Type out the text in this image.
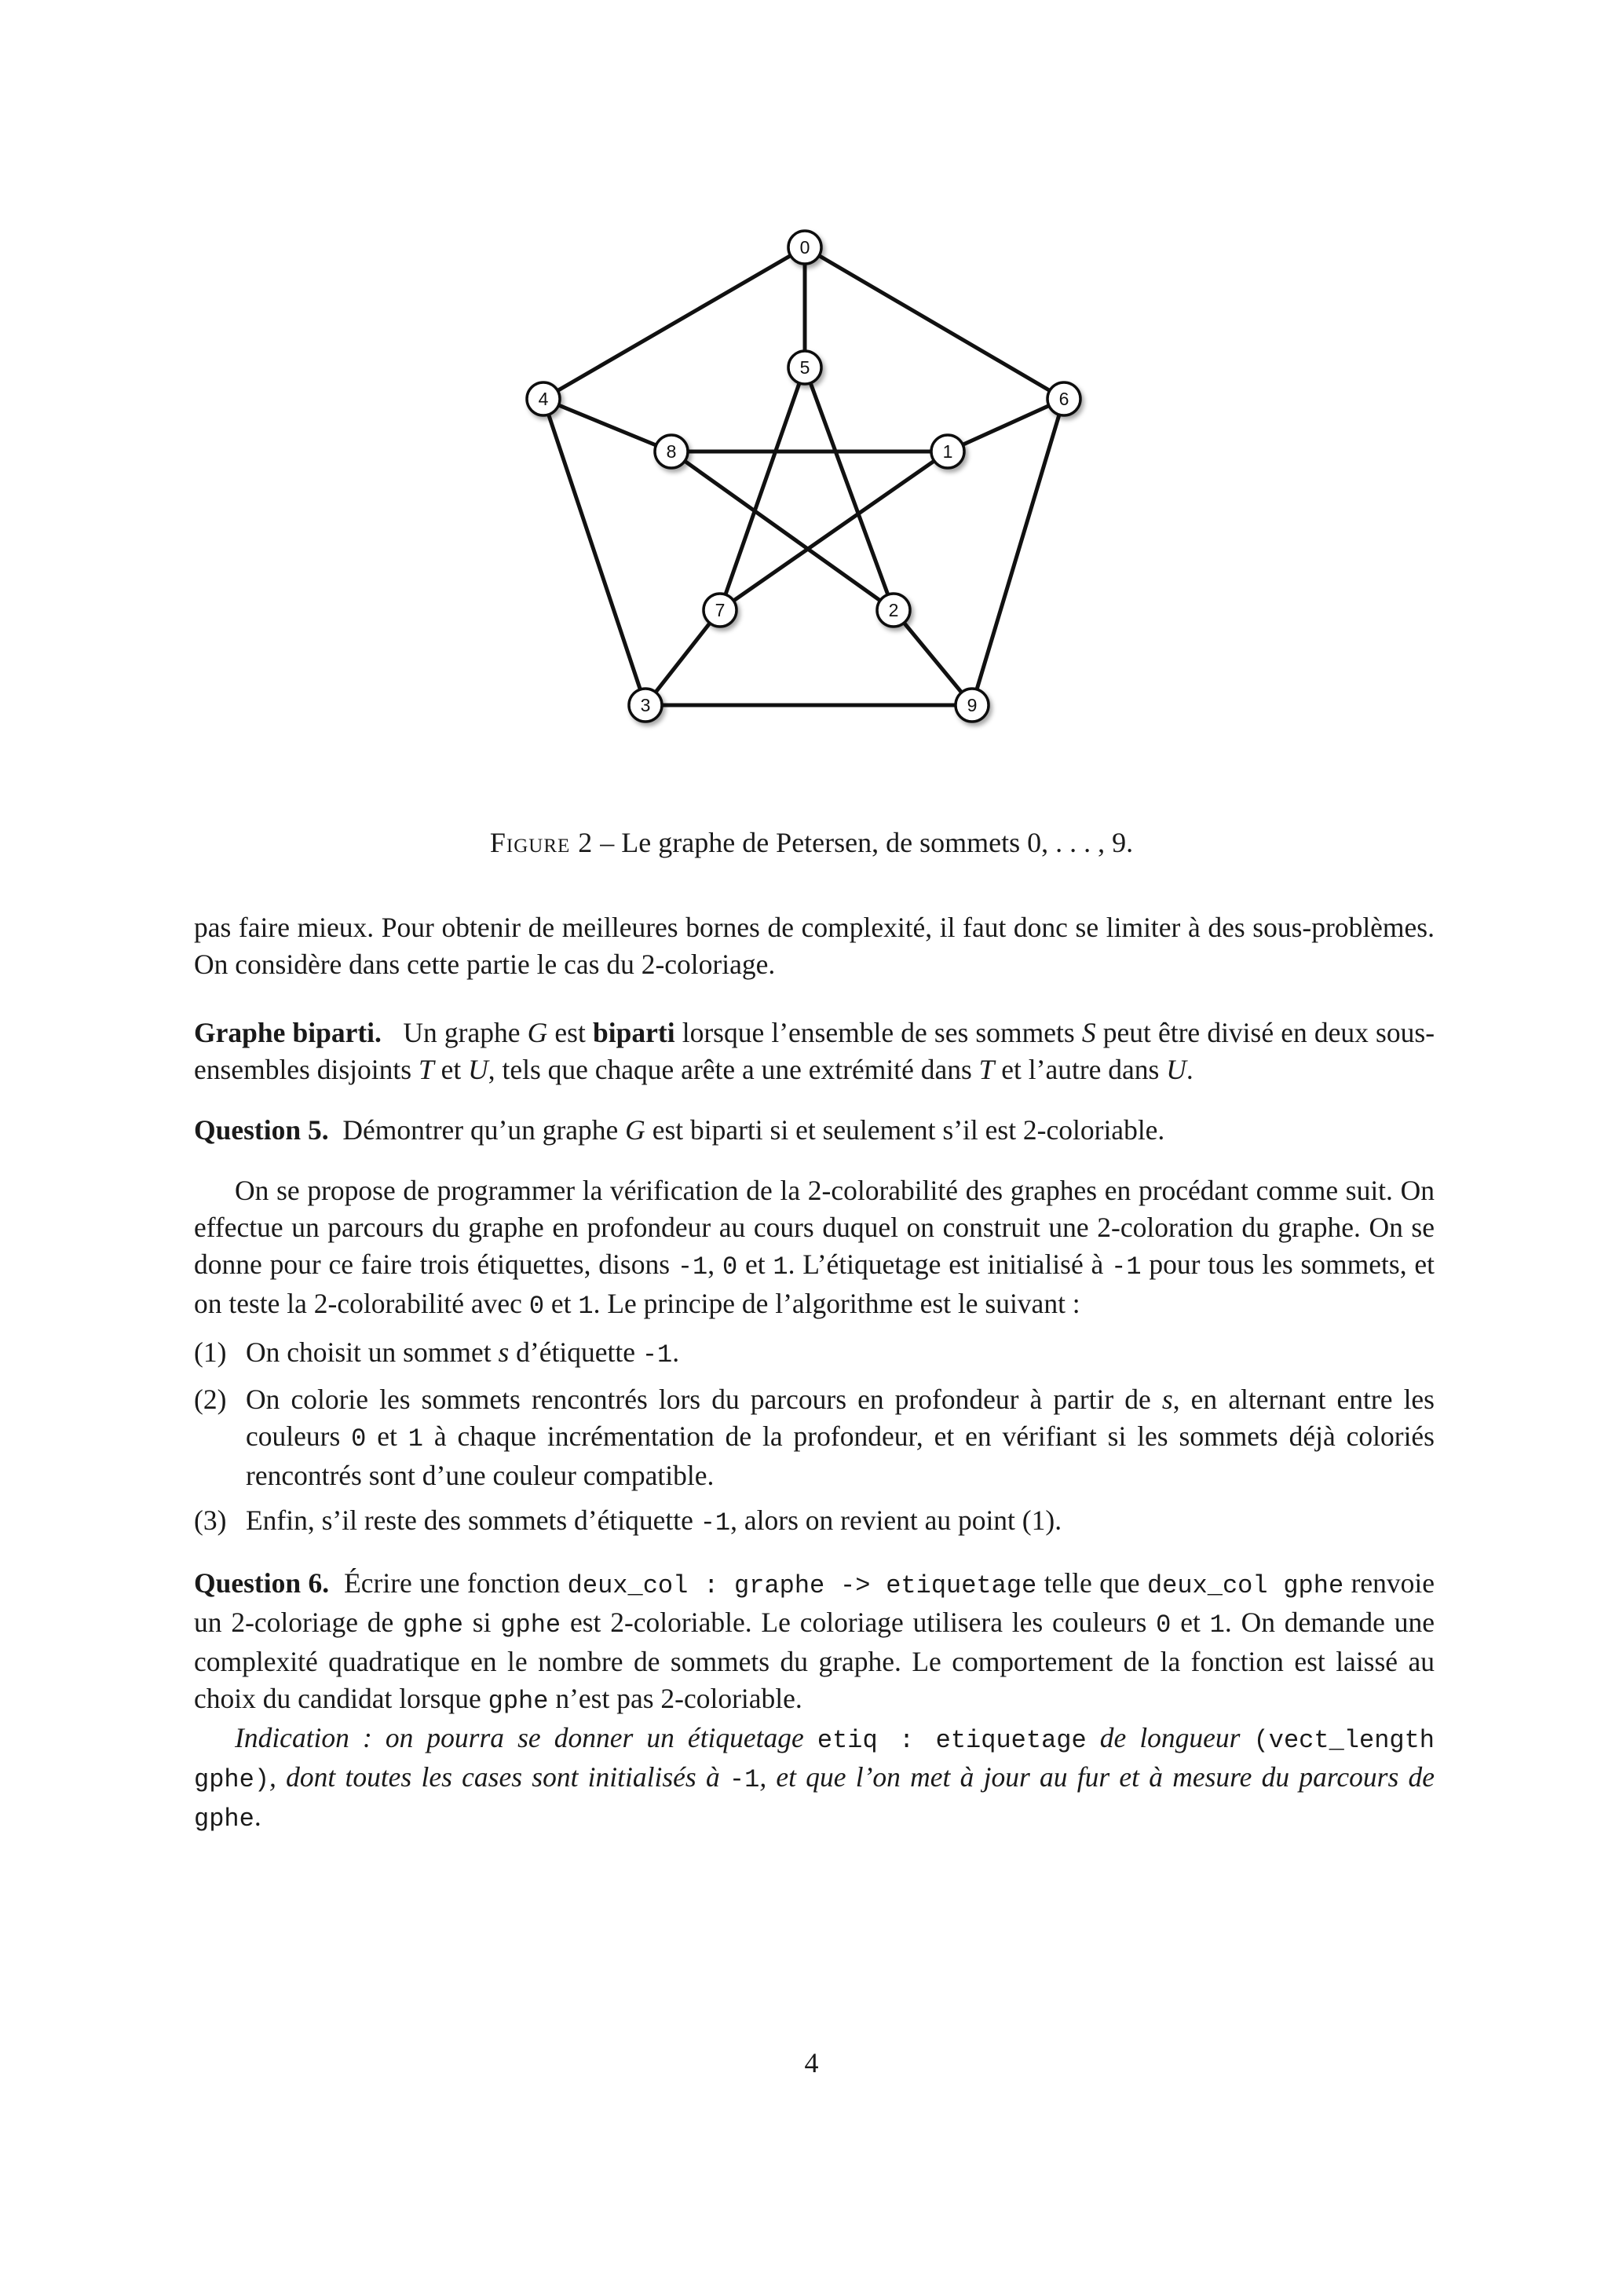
0
1
2
3
4
5
6
7
8
9
Figure 2 – Le graphe de Petersen, de sommets 0, . . . , 9.

pas faire mieux. Pour obtenir de meilleures bornes de complexité, il faut donc se limiter à des sous-problèmes. On considère dans cette partie le cas du 2-coloriage.

Graphe biparti. Un graphe G est biparti lorsque l’ensemble de ses sommets S peut être divisé en deux sous-ensembles disjoints T et U, tels que chaque arête a une extrémité dans T et l’autre dans U.

Question 5. Démontrer qu’un graphe G est biparti si et seulement s’il est 2-coloriable.

On se propose de programmer la vérification de la 2-colorabilité des graphes en procédant comme suit. On effectue un parcours du graphe en profondeur au cours duquel on construit une 2-coloration du graphe. On se donne pour ce faire trois étiquettes, disons -1, 0 et 1. L’étiquetage est initialisé à -1 pour tous les sommets, et on teste la 2-colorabilité avec 0 et 1. Le principe de l’algorithme est le suivant :

(1) On choisit un sommet s d’étiquette -1.
(2) On colorie les sommets rencontrés lors du parcours en profondeur à partir de s, en alternant entre les couleurs 0 et 1 à chaque incrémentation de la profondeur, et en vérifiant si les sommets déjà coloriés rencontrés sont d’une couleur compatible.
(3) Enfin, s’il reste des sommets d’étiquette -1, alors on revient au point (1).

Question 6. Écrire une fonction deux_col : graphe -> etiquetage telle que deux_col gphe renvoie un 2-coloriage de gphe si gphe est 2-coloriable. Le coloriage utilisera les couleurs 0 et 1. On demande une complexité quadratique en le nombre de sommets du graphe. Le comportement de la fonction est laissé au choix du candidat lorsque gphe n’est pas 2-coloriable.

Indication : on pourra se donner un étiquetage etiq : etiquetage de longueur (vect_length gphe), dont toutes les cases sont initialisés à -1, et que l’on met à jour au fur et à mesure du parcours de gphe.

4
